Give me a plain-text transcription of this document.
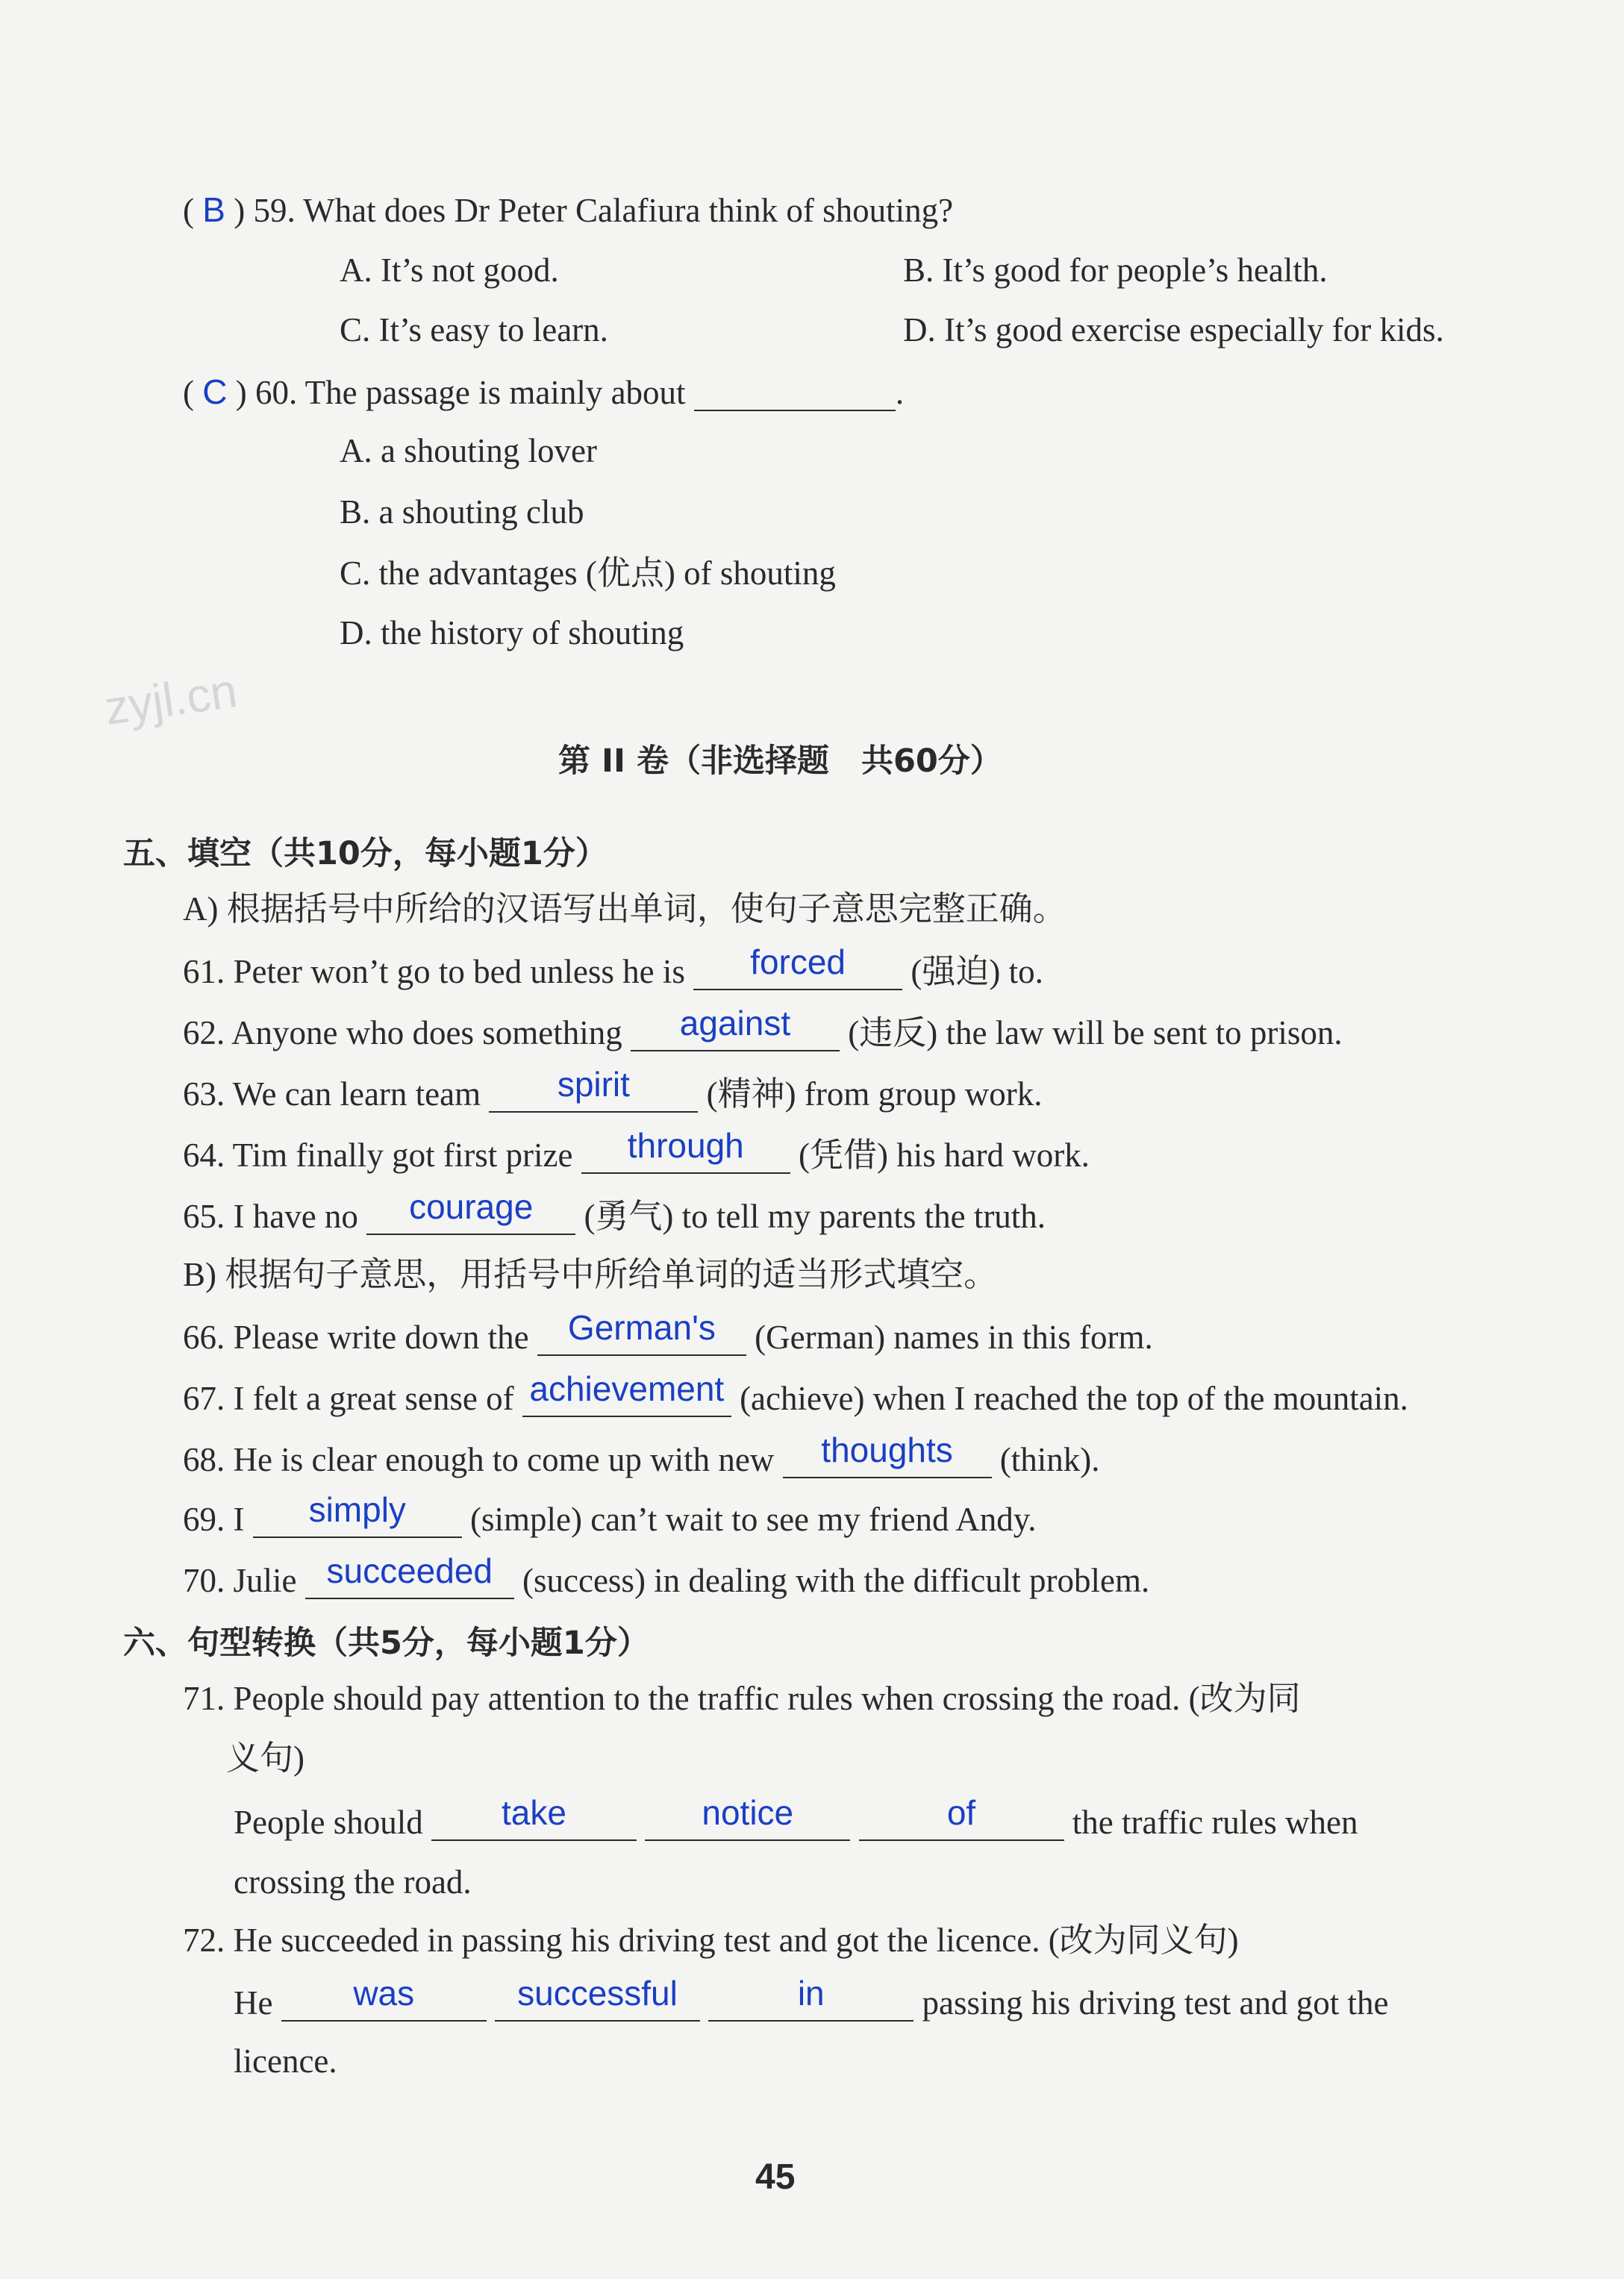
( B ) 59. What does Dr Peter Calafiura think of shouting?
A. It’s not good.	B. It’s good for people’s health.
C. It’s easy to learn.	D. It’s good exercise especially for kids.
( C ) 60. The passage is mainly about	.
A. a shouting lover
B. a shouting club
C. the advantages (优点) of shouting
D. the history of shouting
zyjl.cn
第 II 卷（非选择题　共60分）
五、填空（共10分，每小题1分）
A) 根据括号中所给的汉语写出单词，使句子意思完整正确。
61. Peter won’t go to bed unless he is forced (强迫) to.
62. Anyone who does something against (违反) the law will be sent to prison.
63. We can learn team spirit (精神) from group work.
64. Tim finally got first prize through (凭借) his hard work.
65. I have no courage (勇气) to tell my parents the truth.
B) 根据句子意思，用括号中所给单词的适当形式填空。
66. Please write down the German's (German) names in this form.
67. I felt a great sense of achievement (achieve) when I reached the top of the mountain.
68. He is clear enough to come up with new thoughts (think).
69. I simply (simple) can’t wait to see my friend Andy.
70. Julie succeeded (success) in dealing with the difficult problem.
六、句型转换（共5分，每小题1分）
71. People should pay attention to the traffic rules when crossing the road. (改为同
义句)
People should take	notice	of	the traffic rules when
crossing the road.
72. He succeeded in passing his driving test and got the licence. (改为同义句)
He was	successful	in	passing his driving test and got the
licence.
45
